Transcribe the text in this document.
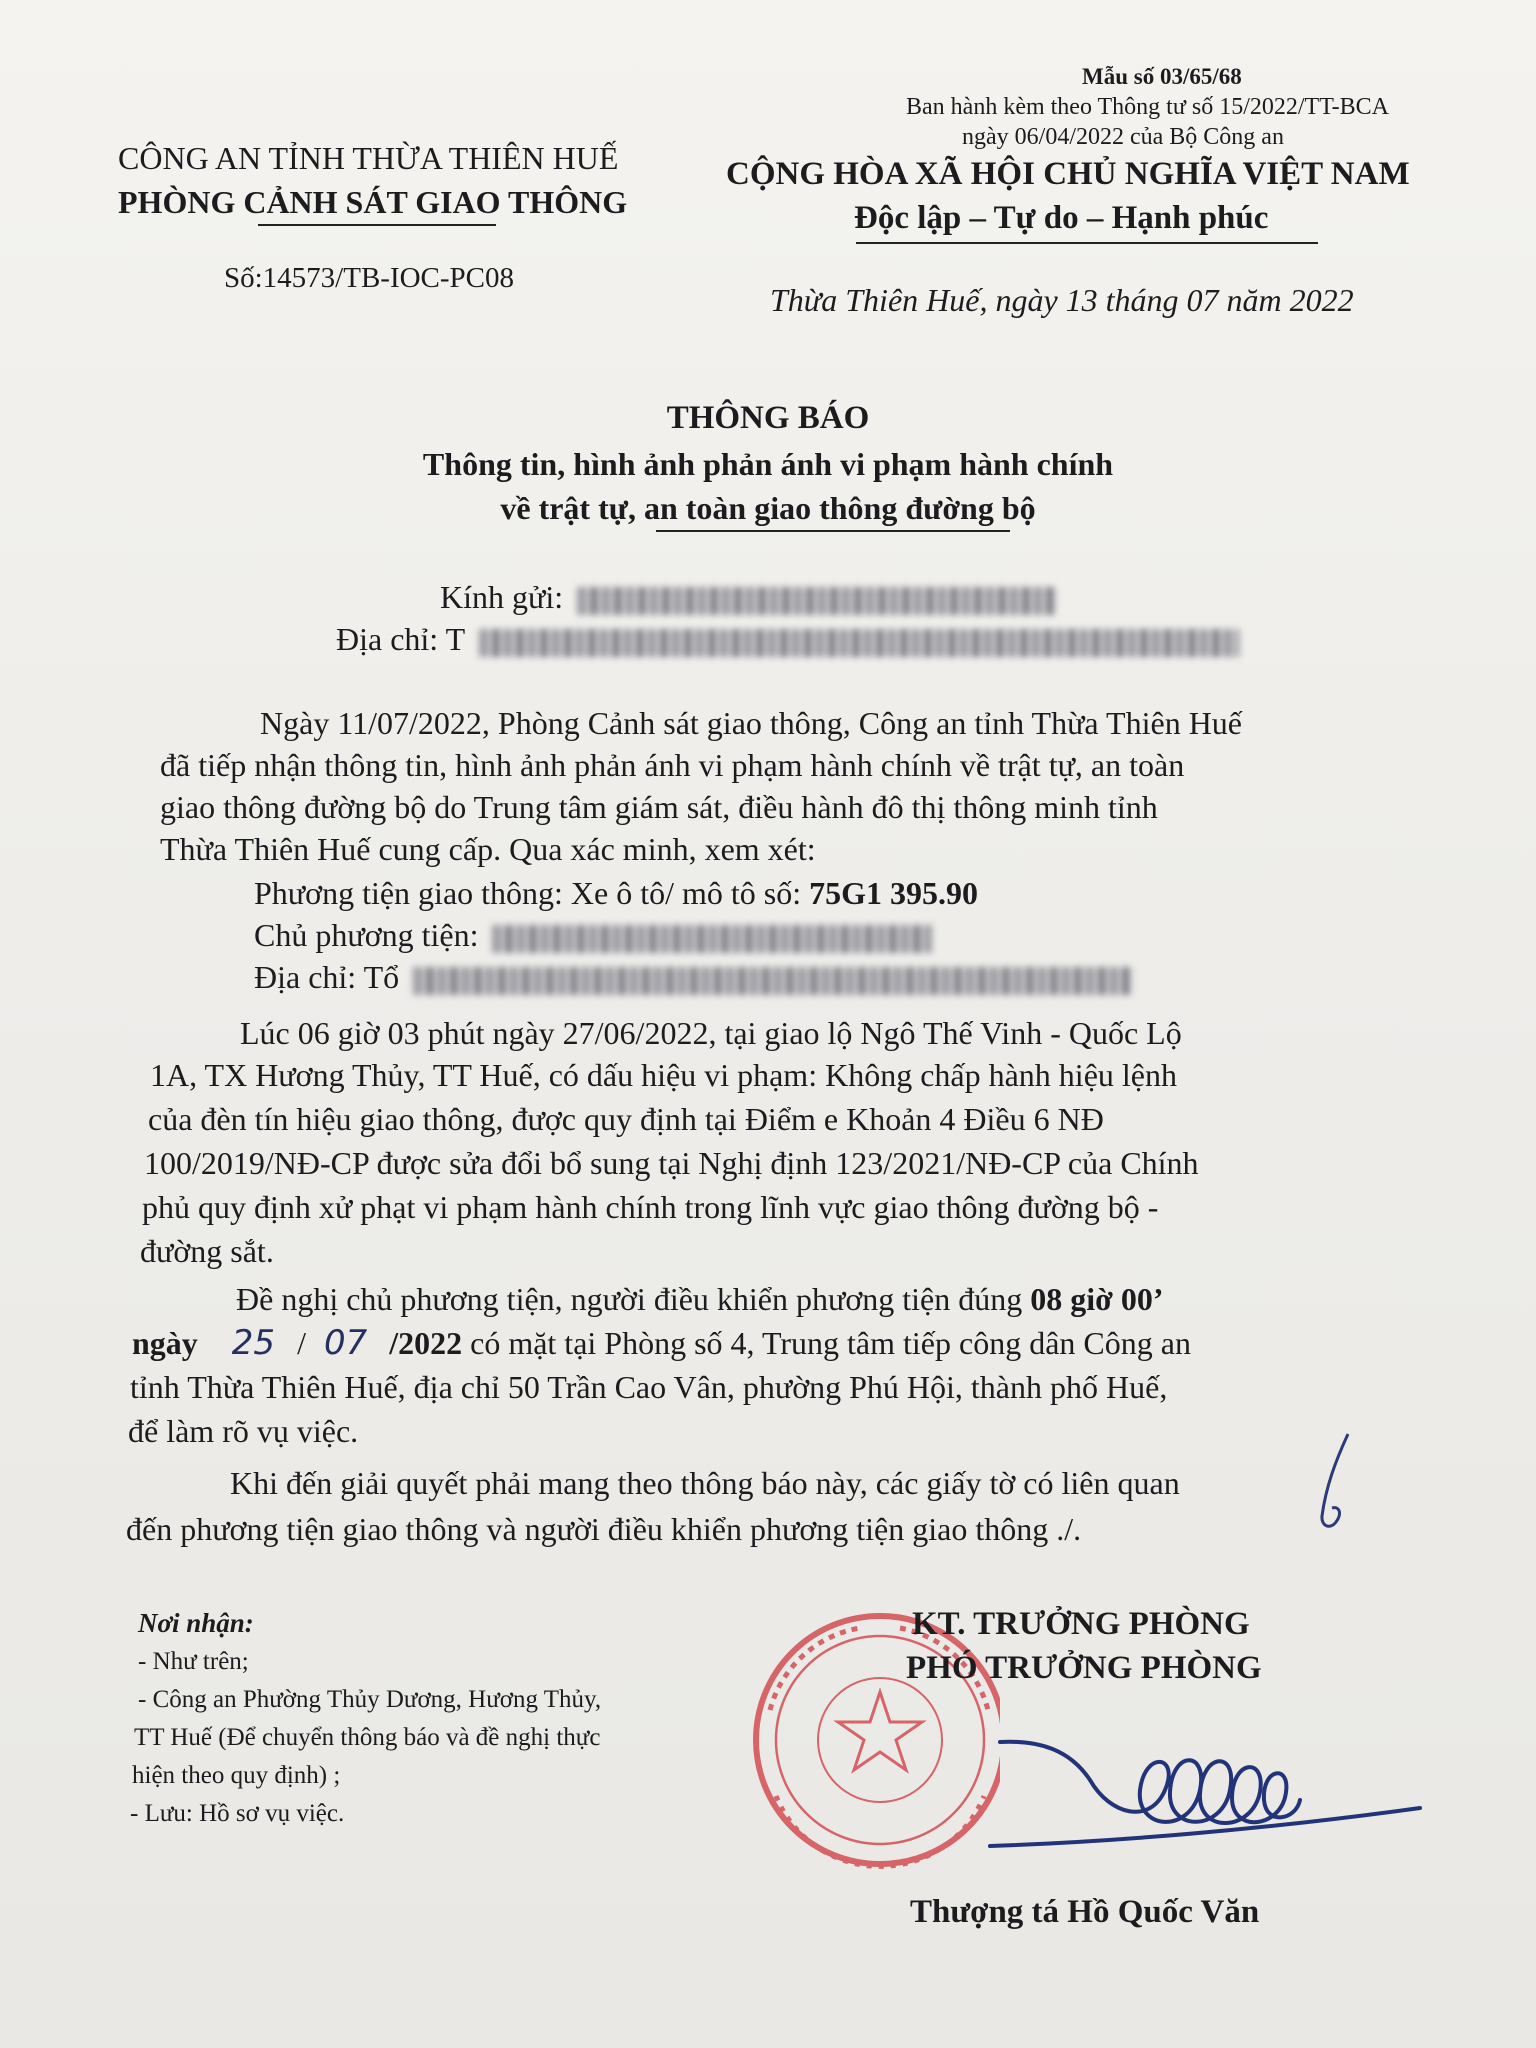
Mẫu số 03/65/68
Ban hành kèm theo Thông tư số 15/2022/TT-BCA
ngày 06/04/2022 của Bộ Công an
CÔNG AN TỈNH THỪA THIÊN HUẾ
PHÒNG CẢNH SÁT GIAO THÔNG
Số:14573/TB-IOC-PC08
CỘNG HÒA XÃ HỘI CHỦ NGHĨA VIỆT NAM
Độc lập – Tự do – Hạnh phúc
Thừa Thiên Huế, ngày 13 tháng 07 năm 2022
THÔNG BÁO
Thông tin, hình ảnh phản ánh vi phạm hành chính
về trật tự, an toàn giao thông đường bộ
Kính gửi:
Địa chỉ: T
Ngày 11/07/2022, Phòng Cảnh sát giao thông, Công an tỉnh Thừa Thiên Huế
đã tiếp nhận thông tin, hình ảnh phản ánh vi phạm hành chính về trật tự, an toàn
giao thông đường bộ do Trung tâm giám sát, điều hành đô thị thông minh tỉnh
Thừa Thiên Huế cung cấp. Qua xác minh, xem xét:
Phương tiện giao thông: Xe ô tô/ mô tô số: 75G1 395.90
Chủ phương tiện:
Địa chỉ: Tổ
Lúc 06 giờ 03 phút ngày 27/06/2022, tại giao lộ Ngô Thế Vinh - Quốc Lộ
1A, TX Hương Thủy, TT Huế, có dấu hiệu vi phạm: Không chấp hành hiệu lệnh
của đèn tín hiệu giao thông, được quy định tại Điểm e Khoản 4 Điều 6 NĐ
100/2019/NĐ-CP được sửa đổi bổ sung tại Nghị định 123/2021/NĐ-CP của Chính
phủ quy định xử phạt vi phạm hành chính trong lĩnh vực giao thông đường bộ -
đường sắt.
Đề nghị chủ phương tiện, người điều khiển phương tiện đúng 08 giờ 00’
ngày 25 / 07 /2022 có mặt tại Phòng số 4, Trung tâm tiếp công dân Công an
tỉnh Thừa Thiên Huế, địa chỉ 50 Trần Cao Vân, phường Phú Hội, thành phố Huế,
để làm rõ vụ việc.
Khi đến giải quyết phải mang theo thông báo này, các giấy tờ có liên quan
đến phương tiện giao thông và người điều khiển phương tiện giao thông ./.
Nơi nhận:
- Như trên;
- Công an Phường Thủy Dương, Hương Thủy,
TT Huế (Để chuyển thông báo và đề nghị thực
hiện theo quy định) ;
- Lưu: Hồ sơ vụ việc.
KT. TRƯỞNG PHÒNG
PHÓ TRƯỞNG PHÒNG
Thượng tá Hồ Quốc Văn
